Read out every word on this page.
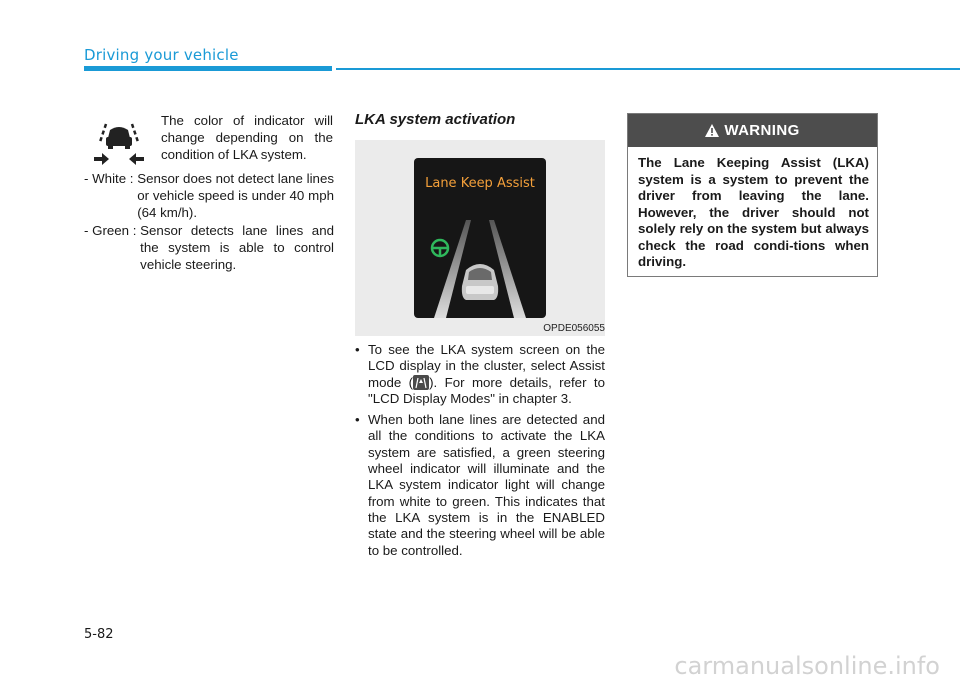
Driving your vehicle
The color of indicator will change depending on the condition of LKA system.
- White : Sensor does not detect lane lines or vehicle speed is under 40 mph (64 km/h).
- Green : Sensor detects lane lines and the system is able to control vehicle steering.
LKA system activation
Lane Keep Assist
OPDE056055
• To see the LKA system screen on the LCD display in the cluster, select Assist mode ( ). For more details, refer to "LCD Display Modes" in chapter 3.
• When both lane lines are detected and all the conditions to activate the LKA system are satisfied, a green steering wheel indicator will illuminate and the LKA system indicator light will change from white to green. This indicates that the LKA system is in the ENABLED state and the steering wheel will be able to be controlled.
WARNING
The Lane Keeping Assist (LKA) system is a system to prevent the driver from leaving the lane. However, the driver should not solely rely on the system but always check the road condi-tions when driving.
5-82
carmanualsonline.info
